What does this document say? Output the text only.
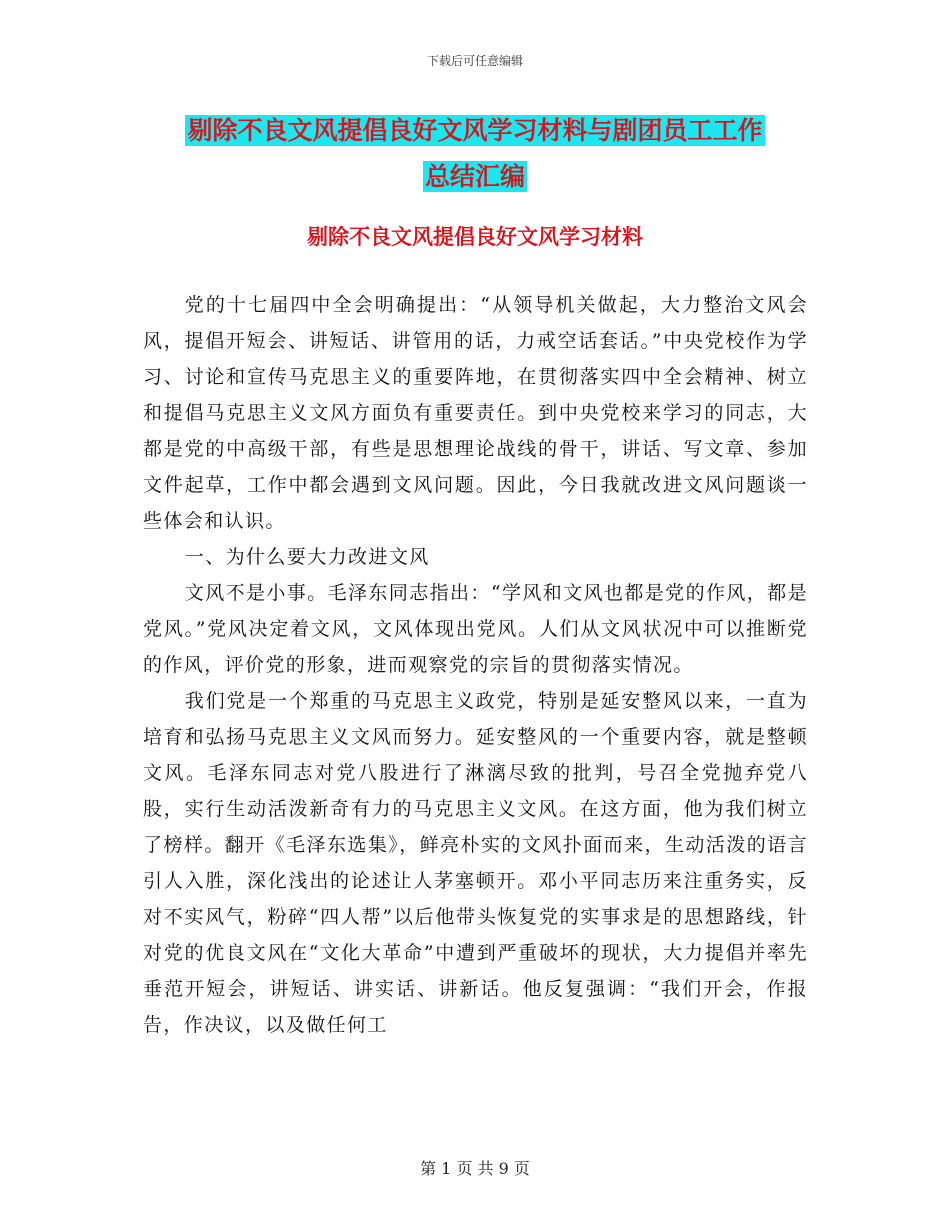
下载后可任意编辑
剔除不良文风提倡良好文风学习材料与剧团员工工作
总结汇编
剔除不良文风提倡良好文风学习材料

党的十七届四中全会明确提出：“从领导机关做起，大力整治文风会风，提倡开短会、讲短话、讲管用的话，力戒空话套话。”中央党校作为学习、讨论和宣传马克思主义的重要阵地，在贯彻落实四中全会精神、树立和提倡马克思主义文风方面负有重要责任。到中央党校来学习的同志，大都是党的中高级干部，有些是思想理论战线的骨干，讲话、写文章、参加文件起草，工作中都会遇到文风问题。因此，今日我就改进文风问题谈一些体会和认识。

一、为什么要大力改进文风

文风不是小事。毛泽东同志指出：“学风和文风也都是党的作风，都是党风。”党风决定着文风，文风体现出党风。人们从文风状况中可以推断党的作风，评价党的形象，进而观察党的宗旨的贯彻落实情况。

我们党是一个郑重的马克思主义政党，特别是延安整风以来，一直为培育和弘扬马克思主义文风而努力。延安整风的一个重要内容，就是整顿文风。毛泽东同志对党八股进行了淋漓尽致的批判，号召全党抛弃党八股，实行生动活泼新奇有力的马克思主义文风。在这方面，他为我们树立了榜样。翻开《毛泽东选集》，鲜亮朴实的文风扑面而来，生动活泼的语言引人入胜，深化浅出的论述让人茅塞顿开。邓小平同志历来注重务实，反对不实风气，粉碎“四人帮”以后他带头恢复党的实事求是的思想路线，针对党的优良文风在“文化大革命”中遭到严重破坏的现状，大力提倡并率先垂范开短会，讲短话、讲实话、讲新话。他反复强调：“我们开会，作报告，作决议，以及做任何工

第 1 页 共 9 页
